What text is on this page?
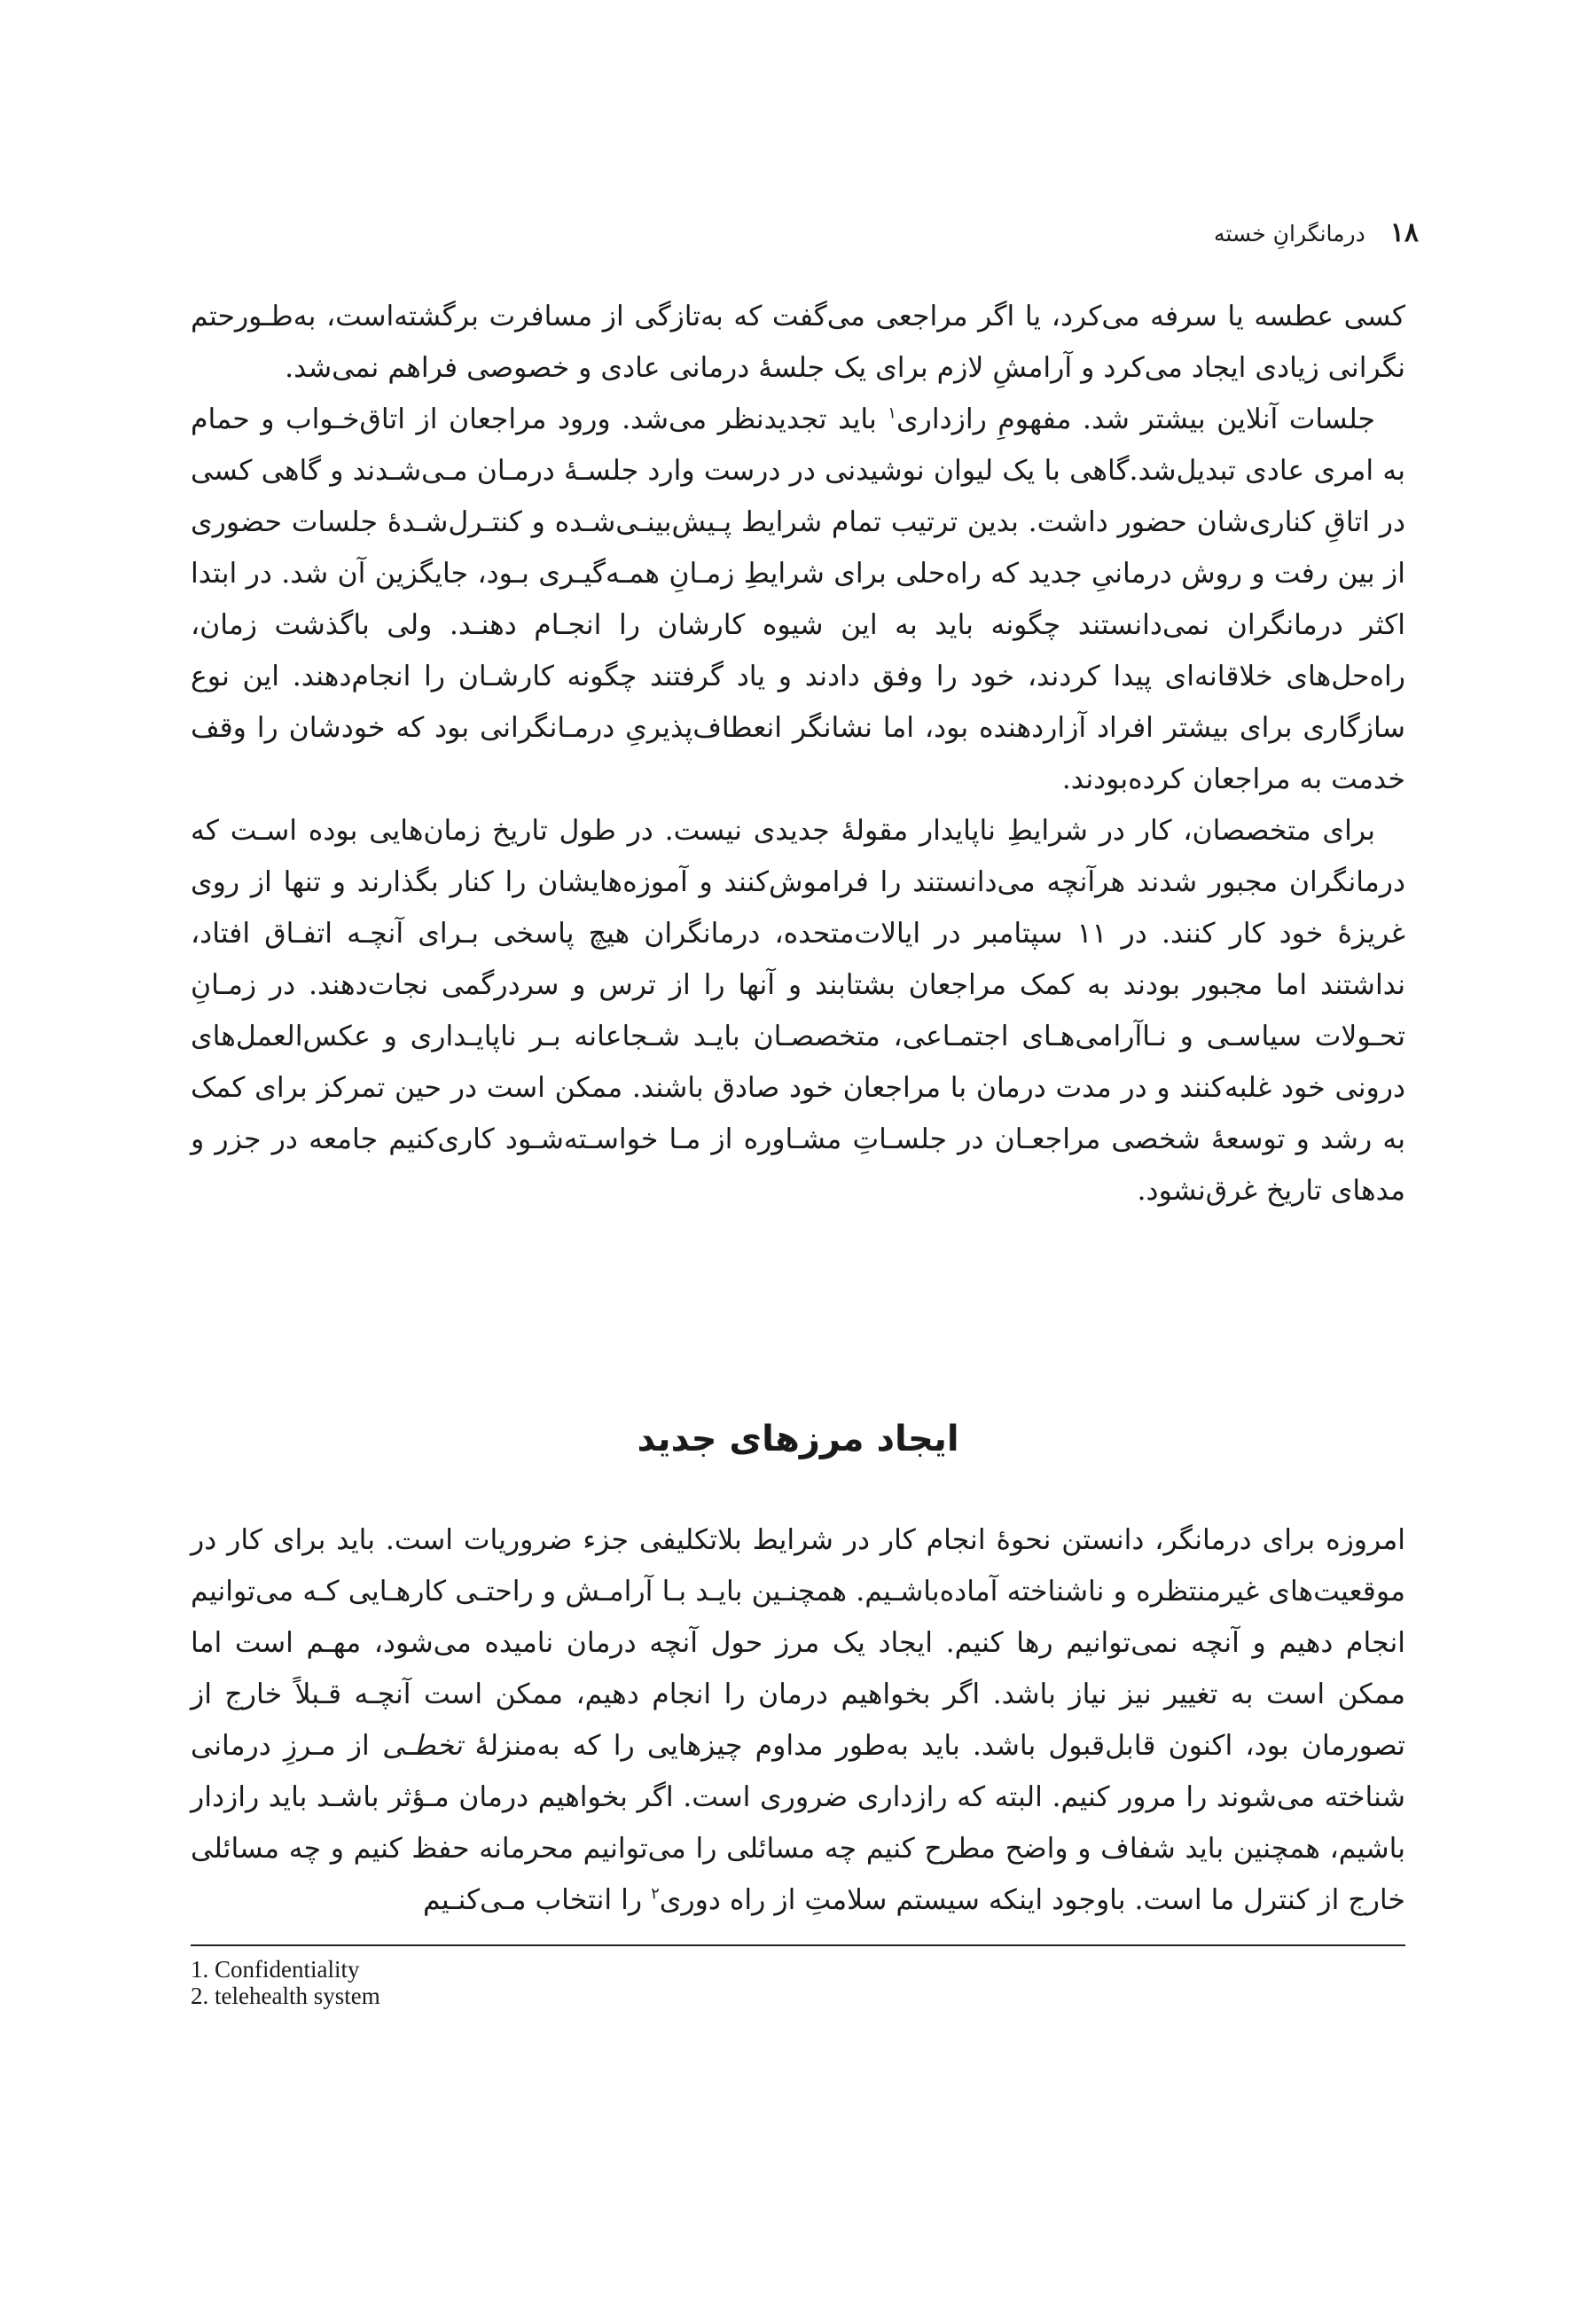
۱۸
درمانگرانِ خسته

کسی عطسه یا سرفه می‌کرد، یا اگر مراجعی می‌گفت که به‌تازگی از مسافرت برگشته‌است، به‌طـورحتم نگرانی زیادی ایجاد می‌کرد و آرامشِ لازم برای یک جلسهٔ درمانی عادی و خصوصی فراهم نمی‌شد.

جلسات آنلاین بیشتر شد. مفهومِ رازداری$^۱$ باید تجدیدنظر می‌شد. ورود مراجعان از اتاق‌خـواب و حمام به امری عادی تبدیل‌شد.گاهی با یک لیوان نوشیدنی در درست وارد جلسـهٔ درمـان مـی‌شـدند و گاهی کسی در اتاقِ کناری‌شان حضور داشت. بدین ترتیب تمام شرایط پـیش‌بینـی‌شـده و کنتـرل‌شـدهٔ جلسات حضوری از بین رفت و روش درمانیِ جدید که راه‌حلی برای شرایطِ زمـانِ همـه‌گیـری بـود، جایگزین آن شد. در ابتدا اکثر درمانگران نمی‌دانستند چگونه باید به این شیوه کارشان را انجـام دهنـد. ولی باگذشت زمان، راه‌حل‌های خلاقانه‌ای پیدا کردند، خود را وفق دادند و یاد گرفتند چگونه کارشـان را انجام‌دهند. این نوع سازگاری برای بیشتر افراد آزاردهنده بود، اما نشانگر انعطاف‌پذیریِ درمـانگرانی بود که خودشان را وقف خدمت به مراجعان کرده‌بودند.

برای متخصصان، کار در شرایطِ ناپایدار مقولهٔ جدیدی نیست. در طول تاریخ زمان‌هایی بوده اسـت که درمانگران مجبور شدند هرآنچه می‌دانستند را فراموش‌کنند و آموزه‌هایشان را کنار بگذارند و تنها از روی غریزهٔ خود کار کنند. در ۱۱ سپتامبر در ایالات‌متحده، درمانگران هیچ پاسخی بـرای آنچـه اتفـاق افتاد، نداشتند اما مجبور بودند به کمک مراجعان بشتابند و آنها را از ترس و سردرگمی نجات‌دهند. در زمـانِ تحـولات سیاسـی و نـاآرامی‌هـای اجتمـاعی، متخصصـان بایـد شـجاعانه بـر ناپایـداری و عکس‌العمل‌های درونی خود غلبه‌کنند و در مدت درمان با مراجعان خود صادق باشند. ممکن است در حین تمرکز برای کمک به رشد و توسعهٔ شخصی مراجعـان در جلسـاتِ مشـاوره از مـا خواسـته‌شـود کاری‌کنیم جامعه در جزر و مدهای تاریخ غرق‌نشود.

ایجاد مرزهای جدید

امروزه برای درمانگر، دانستن نحوهٔ انجام کار در شرایط بلاتکلیفی جزء ضروریات است. باید برای کار در موقعیت‌های غیرمنتظره و ناشناخته آماده‌باشـیم. همچنـین بایـد بـا آرامـش و راحتـی کارهـایی کـه می‌توانیم انجام دهیم و آنچه نمی‌توانیم رها کنیم. ایجاد یک مرز حول آنچه درمان نامیده می‌شود، مهـم است اما ممکن است به تغییر نیز نیاز باشد. اگر بخواهیم درمان را انجام دهیم، ممکن است آنچـه قـبلاً خارج از تصورمان بود، اکنون قابل‌قبول باشد. باید به‌طور مداوم چیزهایی را که به‌منزلهٔ تخطـی از مـرزِ درمانی شناخته می‌شوند را مرور کنیم. البته که رازداری ضروری است. اگر بخواهیم درمان مـؤثر باشـد باید رازدار باشیم، همچنین باید شفاف و واضح مطرح کنیم چه مسائلی را می‌توانیم محرمانه حفظ کنیم و چه مسائلی خارج از کنترل ما است. باوجود اینکه سیستم سلامتِ از راه دوری$^۲$ را انتخاب مـی‌کنـیم

1. Confidentiality
2. telehealth system
